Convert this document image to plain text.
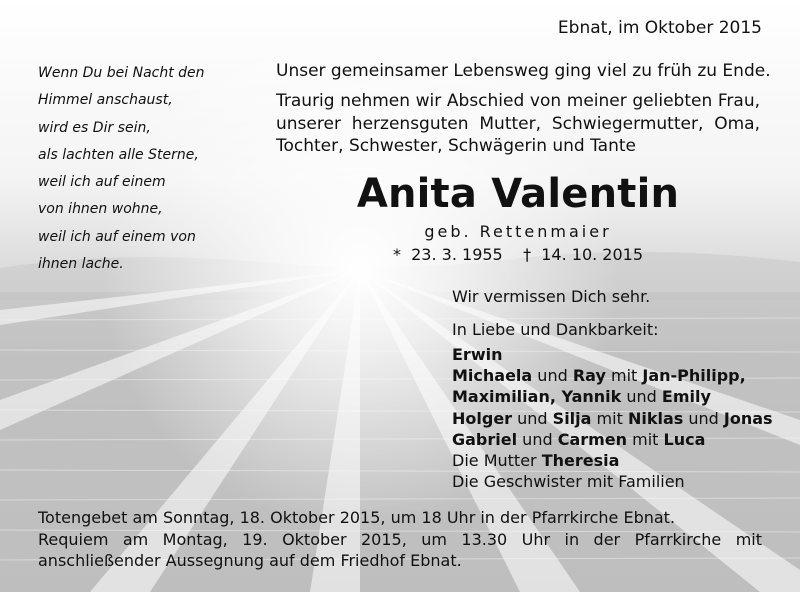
Ebnat, im Oktober 2015
Wenn Du bei Nacht den
Himmel anschaust,
wird es Dir sein,
als lachten alle Sterne,
weil ich auf einem
von ihnen wohne,
weil ich auf einem von
ihnen lache.
Unser gemeinsamer Lebensweg ging viel zu früh zu Ende.
Traurig nehmen wir Abschied von meiner geliebten Frau,
unserer herzensguten Mutter, Schwiegermutter, Oma,
Tochter, Schwester, Schwägerin und Tante
Anita Valentin
geb. Rettenmaier
*  23. 3. 1955    †  14. 10. 2015
Wir vermissen Dich sehr.
In Liebe und Dankbarkeit:
Erwin
Michaela und Ray mit Jan-Philipp,
Maximilian, Yannik und Emily
Holger und Silja mit Niklas und Jonas
Gabriel und Carmen mit Luca
Die Mutter Theresia
Die Geschwister mit Familien
Totengebet am Sonntag, 18. Oktober 2015, um 18 Uhr in der Pfarrkirche Ebnat.
Requiem am Montag, 19. Oktober 2015, um 13.30 Uhr in der Pfarrkirche mit
anschließender Aussegnung auf dem Friedhof Ebnat.
